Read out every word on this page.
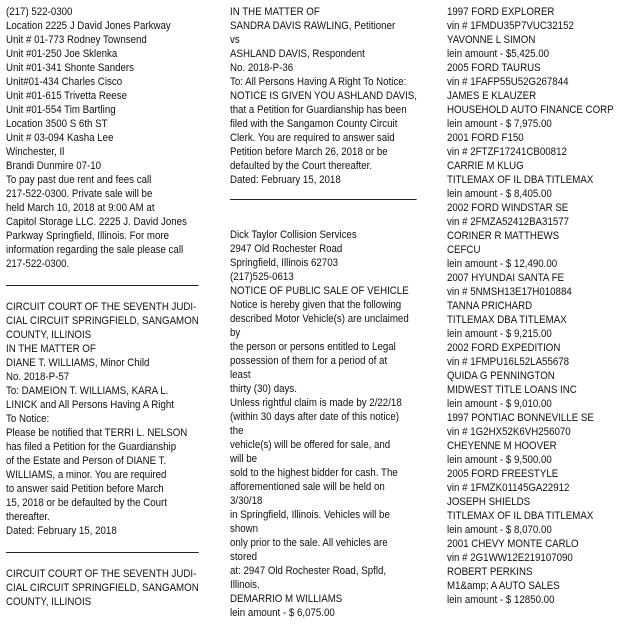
(217) 522-0300
Location 2225 J David Jones Parkway
Unit # 01-773 Rodney Townsend
Unit #01-250 Joe Sklenka
Unit #01-341 Shonte Sanders
Unit#01-434 Charles Cisco
Unit #01-615 Trivetta Reese
Unit #01-554 Tim Bartling
Location 3500 S 6th ST
Unit # 03-094 Kasha Lee
Winchester, Il
Brandi Dunmire 07-10
To pay past due rent and fees call
217-522-0300. Private sale will be
held March 10, 2018 at 9:00 AM at
Capitol Storage LLC. 2225 J. David Jones
Parkway Springfield, Illinois. For more
information regarding the sale please call
217-522-0300.
CIRCUIT COURT OF THE SEVENTH JUDI-
CIAL CIRCUIT SPRINGFIELD, SANGAMON
COUNTY, ILLINOIS
IN THE MATTER OF
DIANE T. WILLIAMS, Minor Child
No. 2018-P-57
To: DAMEION T. WILLIAMS, KARA L.
LINICK and All Persons Having A Right
To Notice:
Please be notified that TERRI L. NELSON
has filed a Petition for the Guardianship
of the Estate and Person of DIANE T.
WILLIAMS, a minor. You are required
to answer said Petition before March
15, 2018 or be defaulted by the Court
thereafter.
Dated: February 15, 2018
CIRCUIT COURT OF THE SEVENTH JUDI-
CIAL CIRCUIT SPRINGFIELD, SANGAMON
COUNTY, ILLINOIS
IN THE MATTER OF
SANDRA DAVIS RAWLING, Petitioner
vs
ASHLAND DAVIS, Respondent
No. 2018-P-36
To: All Persons Having A Right To Notice:
NOTICE IS GIVEN YOU ASHLAND DAVIS,
that a Petition for Guardianship has been
filed with the Sangamon County Circuit
Clerk. You are required to answer said
Petition before March 26, 2018 or be
defaulted by the Court thereafter.
Dated: February 15, 2018
Dick Taylor Collision Services
2947 Old Rochester Road
Springfield, Illinois 62703
(217)525-0613
NOTICE OF PUBLIC SALE OF VEHICLE
Notice is hereby given that the following
described Motor Vehicle(s) are unclaimed
by
the person or persons entitled to Legal
possession of them for a period of at
least
thirty (30) days.
Unless rightful claim is made by 2/22/18
(within 30 days after date of this notice)
the
vehicle(s) will be offered for sale, and
will be
sold to the highest bidder for cash. The
afforementioned sale will be held on
3/30/18
in Springfield, Illinois. Vehicles will be
shown
only prior to the sale. All vehicles are
stored
at: 2947 Old Rochester Road, Spfld,
Illinois.
DEMARRIO M WILLIAMS
lein amount - $ 6,075.00
1997 FORD EXPLORER
vin # 1FMDU35P7VUC32152
YAVONNE L SIMON
lein amount - $5,425.00
2005 FORD TAURUS
vin # 1FAFP55U52G267844
JAMES E KLAUZER
HOUSEHOLD AUTO FINANCE CORP
lein amount - $ 7,975.00
2001 FORD F150
vin # 2FTZF17241CB00812
CARRIE M KLUG
TITLEMAX OF IL DBA TITLEMAX
lein amount - $ 8,405.00
2002 FORD WINDSTAR SE
vin # 2FMZA52412BA31577
CORINER R MATTHEWS
CEFCU
lein amount - $ 12,490.00
2007 HYUNDAI SANTA FE
vin # 5NMSH13E17H010884
TANNA PRICHARD
TITLEMAX DBA TITLEMAX
lein amount - $ 9,215.00
2002 FORD EXPEDITION
vin # 1FMPU16L52LA55678
QUIDA G PENNINGTON
MIDWEST TITLE LOANS INC
lein amount - $ 9,010.00
1997 PONTIAC BONNEVILLE SE
vin # 1G2HX52K6VH256070
CHEYENNE M HOOVER
lein amount - $ 9,500.00
2005 FORD FREESTYLE
vin # 1FMZK01145GA22912
JOSEPH SHIELDS
TITLEMAX OF IL DBA TITLEMAX
lein amount - $ 8,070.00
2001 CHEVY MONTE CARLO
vin # 2G1WW12E219107090
ROBERT PERKINS
M1&amp; A AUTO SALES
lein amount - $ 12850.00
